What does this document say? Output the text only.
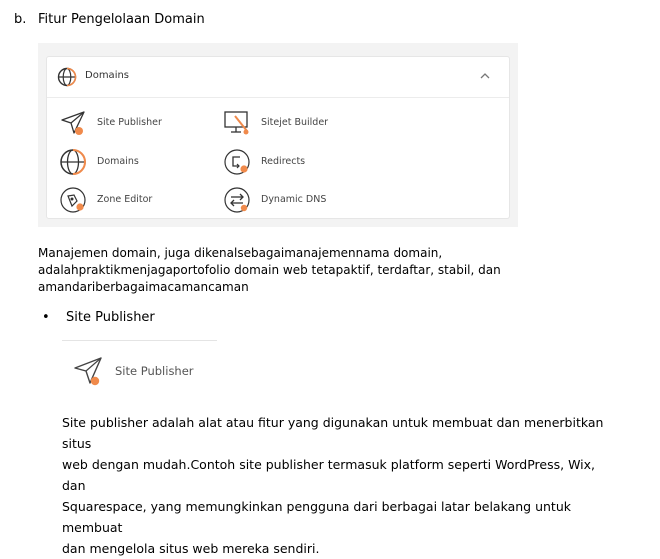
b. Fitur Pengelolaan Domain
Domains
Site Publisher	Sitejet Builder
Domains	Redirects
Zone Editor	Dynamic DNS
Manajemen domain, juga dikenalsebagaimanajemennama domain,
adalahpraktikmenjagaportofolio domain web tetapaktif, terdaftar, stabil, dan
amandariberbagaimacamancaman
• Site Publisher
Site Publisher
Site publisher adalah alat atau fitur yang digunakan untuk membuat dan menerbitkan situs
web dengan mudah.Contoh site publisher termasuk platform seperti WordPress, Wix, dan
Squarespace, yang memungkinkan pengguna dari berbagai latar belakang untuk membuat
dan mengelola situs web mereka sendiri.
